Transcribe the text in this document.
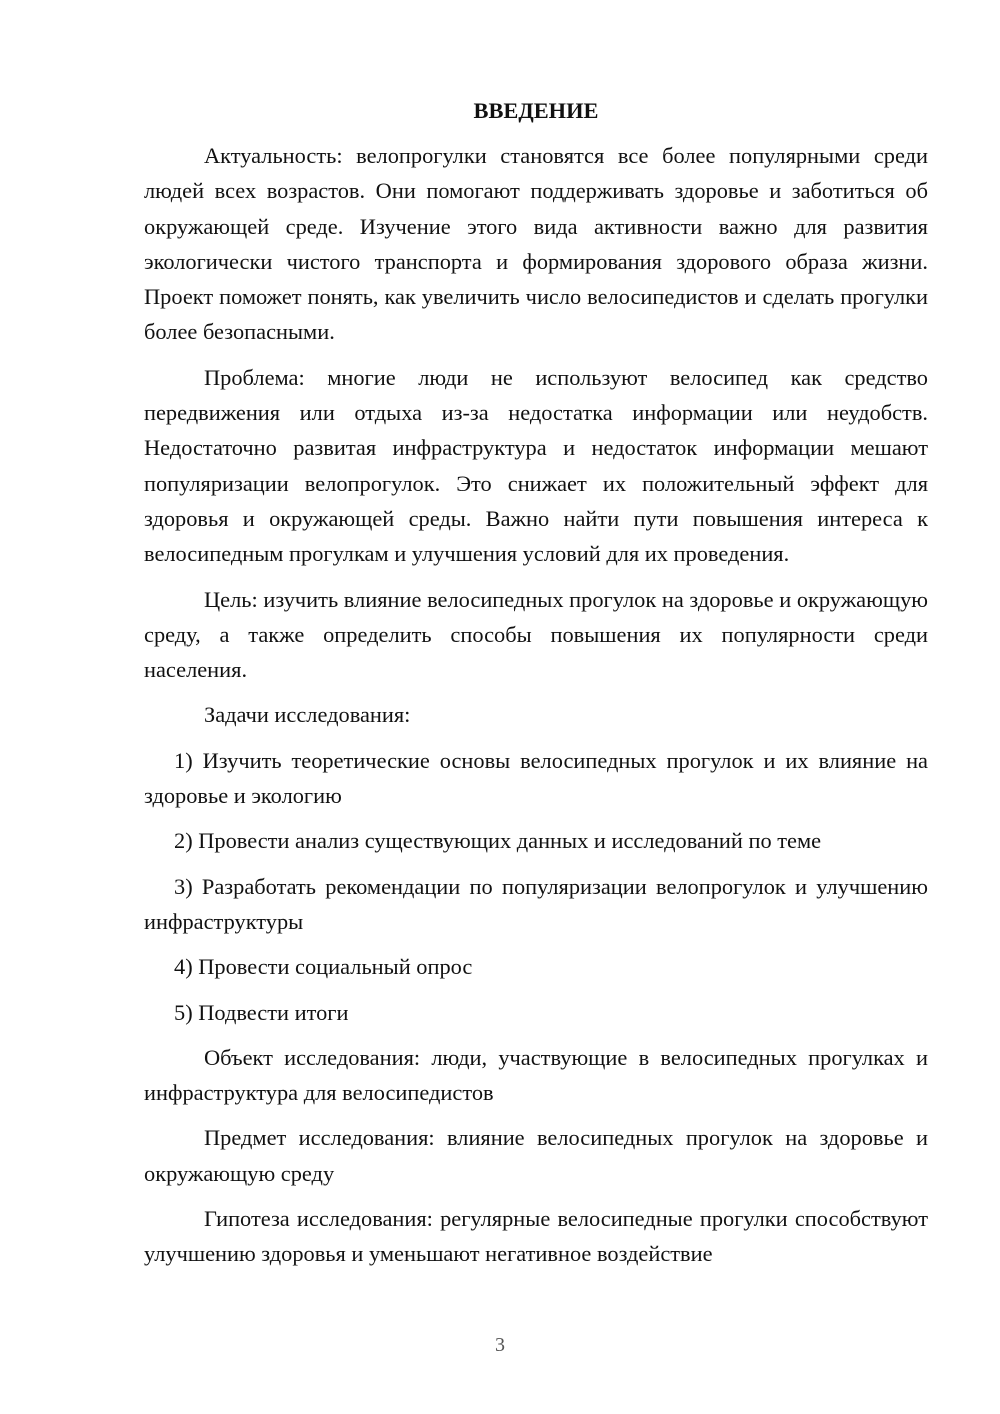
ВВЕДЕНИЕ

Актуальность: велопрогулки становятся все более популярными среди людей всех возрастов. Они помогают поддерживать здоровье и заботиться об окружающей среде. Изучение этого вида активности важно для развития экологически чистого транспорта и формирования здорового образа жизни. Проект поможет понять, как увеличить число велосипедистов и сделать прогулки более безопасными.

Проблема: многие люди не используют велосипед как средство передвижения или отдыха из-за недостатка информации или неудобств. Недостаточно развитая инфраструктура и недостаток информации мешают популяризации велопрогулок. Это снижает их положительный эффект для здоровья и окружающей среды. Важно найти пути повышения интереса к велосипедным прогулкам и улучшения условий для их проведения.

Цель: изучить влияние велосипедных прогулок на здоровье и окружающую среду, а также определить способы повышения их популярности среди населения.

Задачи исследования:

1) Изучить теоретические основы велосипедных прогулок и их влияние на здоровье и экологию

2) Провести анализ существующих данных и исследований по теме

3) Разработать рекомендации по популяризации велопрогулок и улучшению инфраструктуры

4) Провести социальный опрос

5) Подвести итоги

Объект исследования: люди, участвующие в велосипедных прогулках и инфраструктура для велосипедистов

Предмет исследования: влияние велосипедных прогулок на здоровье и окружающую среду

Гипотеза исследования: регулярные велосипедные прогулки способствуют улучшению здоровья и уменьшают негативное воздействие

3
